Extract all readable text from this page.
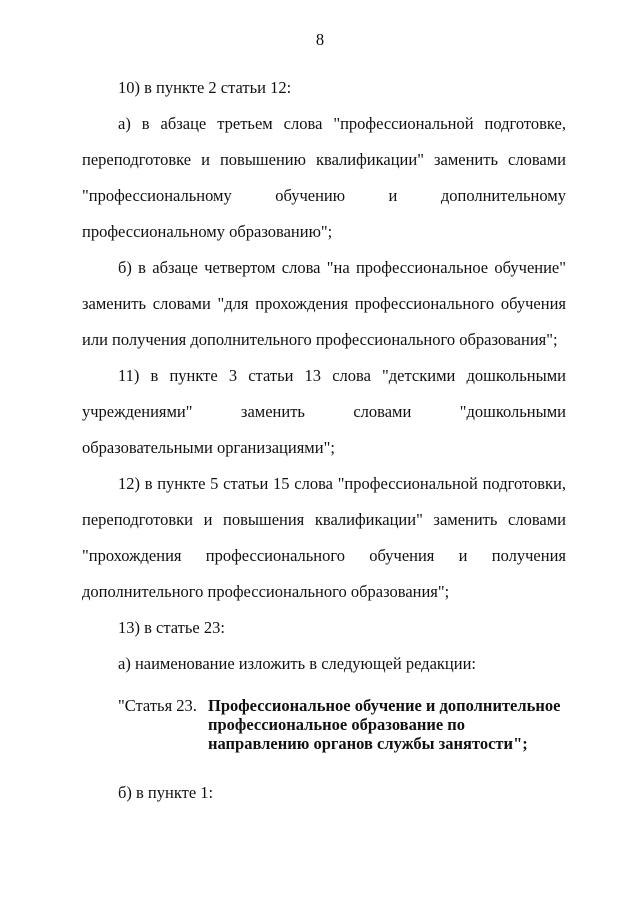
8

10) в пункте 2 статьи 12:

а) в абзаце третьем слова "профессиональной подготовке, переподготовке и повышению квалификации" заменить словами "профессиональному обучению и дополнительному профессиональному образованию";

б) в абзаце четвертом слова "на профессиональное обучение" заменить словами "для прохождения профессионального обучения или получения дополнительного профессионального образования";

11) в пункте 3 статьи 13 слова "детскими дошкольными учреждениями" заменить словами "дошкольными образовательными организациями";

12) в пункте 5 статьи 15 слова "профессиональной подготовки, переподготовки и повышения квалификации" заменить словами "прохождения профессионального обучения и получения дополнительного профессионального образования";

13) в статье 23:

а) наименование изложить в следующей редакции:

"Статья 23. Профессиональное обучение и дополнительное профессиональное образование по направлению органов службы занятости";

б) в пункте 1:
